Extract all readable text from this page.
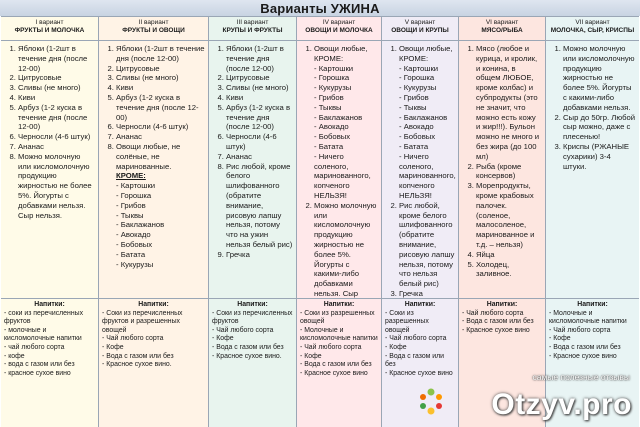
Варианты УЖИНА
I вариант
ФРУКТЫ И МОЛОЧКА
1. Яблоки (1-2шт в течение дня (после 12-00)
2. Цитрусовые
3. Сливы (не много)
4. Киви
5. Арбуз (1-2 куска в течение дня (после 12-00)
6. Черносли (4-6 штук)
7. Ананас
8. Можно молочную или кисломолочную продукцию жирностью не более 5%. Йогурты с добавками нельзя. Сыр нельзя.
Напитки:
- соки из перечисленных фруктов
- молочные и кисломолочные напитки
- чай любого сорта
- кофе
- вода с газом или без
- красное сухое вино
II вариант
ФРУКТЫ И ОВОЩИ
1. Яблоки (1-2шт в течение дня (после 12-00)
2. Цитрусовые
3. Сливы (не много)
4. Киви
5. Арбуз (1-2 куска в течение дня (после 12-00)
6. Черносли (4-6 штук)
7. Ананас
8. Овощи любые, не солёные, не маринованные.
КРОМЕ:
- Картошки
- Горошка
- Грибов
- Тыквы
- Баклажанов
- Авокадо
- Бобовых
- Батата
- Кукурузы
Напитки:
- Соки из перечисленных фруктов и разрешенных овощей
- Чай любого сорта
- Кофе
- Вода с газом или без
- Красное сухое вино.
III вариант
КРУПЫ И ФРУКТЫ
1. Яблоки (1-2шт в течение дня (после 12-00)
2. Цитрусовые
3. Сливы (не много)
4. Киви
5. Арбуз (1-2 куска в течение дня (после 12-00)
6. Черносли (4-6 штук)
7. Ананас
8. Рис любой, кроме белого шлифованного (обратите внимание, рисовую лапшу нельзя, потому что на ужин нельзя белый рис)
9. Гречка
Напитки:
- Соки из перечисленных фруктов
- Чай любого сорта
- Кофе
- Вода с газом или без
- Красное сухое вино.
IV вариант
ОВОЩИ И МОЛОЧКА
1. Овощи любые, КРОМЕ:
- Картошки
- Горошка
- Кукурузы
- Грибов
- Тыквы
- Баклажанов
- Авокадо
- Бобовых
- Батата
- Ничего соленого, маринованного, копченого НЕЛЬЗЯ!
2. Можно молочную или кисломолочную продукцию жирностью не более 5%. Йогурты с какими-либо добавками нельзя. Сыр
Напитки:
- Соки из разрешенных овощей
- Молочные и кисломолочные напитки
- Чай любого сорта
- Кофе
- Вода с газом или без
- Красное сухое вино
V вариант
ОВОЩИ И КРУПЫ
1. Овощи любые, КРОМЕ:
- Картошки
- Горошка
- Кукурузы
- Грибов
- Тыквы
- Баклажанов
- Авокадо
- Бобовых
- Батата
- Ничего соленого, маринованного, копченого НЕЛЬЗЯ!
2. Рис любой, кроме белого шлифованного (обратите внимание, рисовую лапшу нельзя, потому что нельзя белый рис)
3. Гречка
Напитки:
- Соки из разрешенных овощей
- Чай любого сорта
- Кофе
- Вода с газом или без
- Красное сухое вино
VI вариант
МЯСО/РЫБА
1. Мясо (любое и курица, и кролик, и конина, в общем ЛЮБОЕ, кроме колбас) и субпродукты (это не значит, что можно есть кожу и жир!!!). Бульон можно не много и без жира (до 100 мл)
2. Рыба (кроме консервов)
3. Морепродукты, кроме крабовых палочек. (соленое, малосоленое, маринованное и т.д. – нельзя)
4. Яйца
5. Холодец, заливное.
Напитки:
- Чай любого сорта
- Вода с газом или без
- Красное сухое вино
VII вариант
МОЛОЧКА, СЫР, КРИСПЫ
1. Можно молочную или кисломолочную продукцию жирностью не более 5%. Йогурты с какими-либо добавками нельзя.
2. Сыр до 50гр. Любой сыр можно, даже с плесенью!
3. Криспы (РЖАНЫЕ сухарики) 3-4 штуки.
Напитки:
- Молочные и кисломолочные напитки
- Чай любого сорта
- Кофе
- Вода с газом или без
- Красное сухое вино
самые полезные отзывы
Otzyv.pro
